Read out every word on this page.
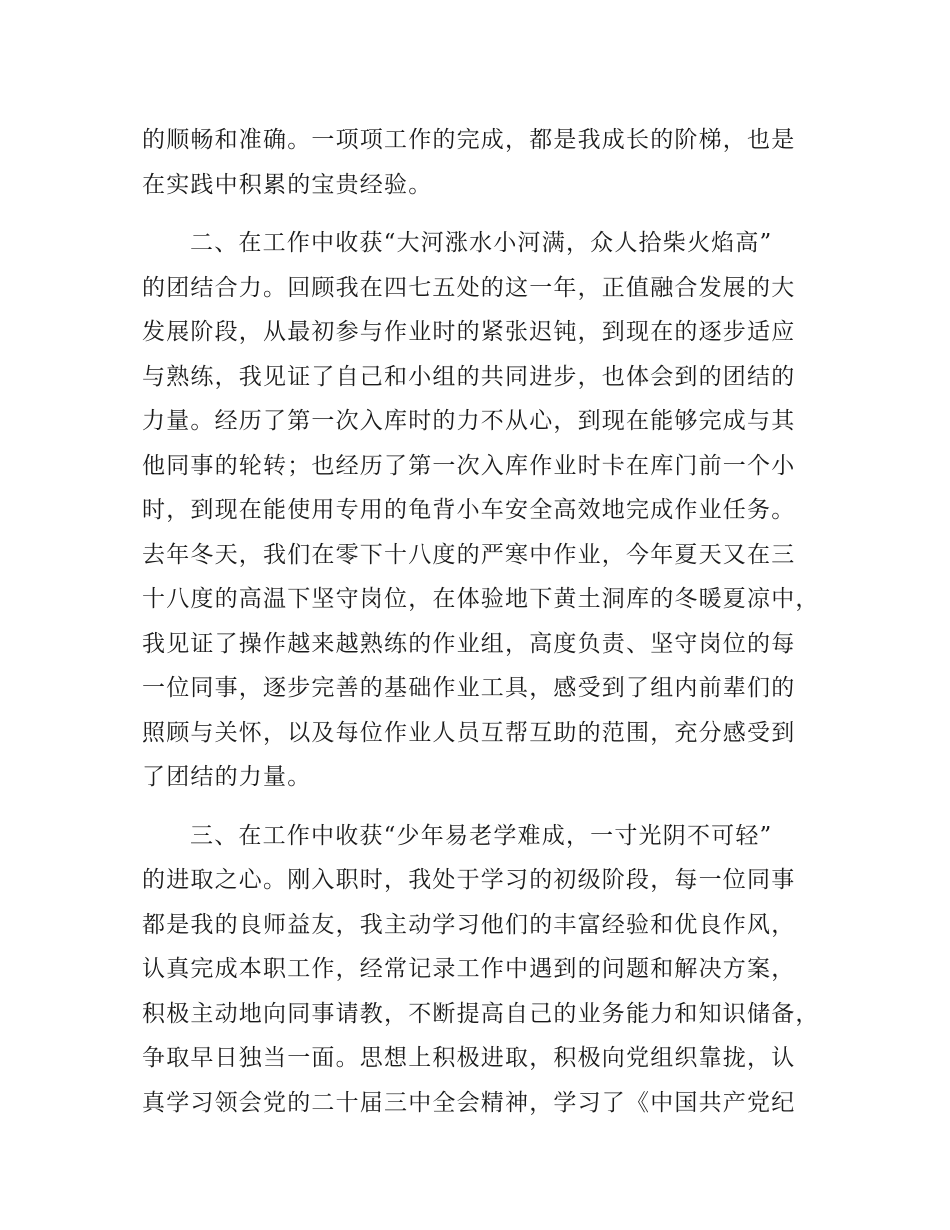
的顺畅和准确。一项项工作的完成，都是我成长的阶梯，也是
在实践中积累的宝贵经验。
二、在工作中收获“大河涨水小河满，众人拾柴火焰高”
的团结合力。回顾我在四七五处的这一年，正值融合发展的大
发展阶段，从最初参与作业时的紧张迟钝，到现在的逐步适应
与熟练，我见证了自己和小组的共同进步，也体会到的团结的
力量。经历了第一次入库时的力不从心，到现在能够完成与其
他同事的轮转；也经历了第一次入库作业时卡在库门前一个小
时，到现在能使用专用的龟背小车安全高效地完成作业任务。
去年冬天，我们在零下十八度的严寒中作业，今年夏天又在三
十八度的高温下坚守岗位，在体验地下黄土洞库的冬暖夏凉中，
我见证了操作越来越熟练的作业组，高度负责、坚守岗位的每
一位同事，逐步完善的基础作业工具，感受到了组内前辈们的
照顾与关怀，以及每位作业人员互帮互助的范围，充分感受到
了团结的力量。
三、在工作中收获“少年易老学难成，一寸光阴不可轻”
的进取之心。刚入职时，我处于学习的初级阶段，每一位同事
都是我的良师益友，我主动学习他们的丰富经验和优良作风，
认真完成本职工作，经常记录工作中遇到的问题和解决方案，
积极主动地向同事请教，不断提高自己的业务能力和知识储备，
争取早日独当一面。思想上积极进取，积极向党组织靠拢，认
真学习领会党的二十届三中全会精神，学习了《中国共产党纪
